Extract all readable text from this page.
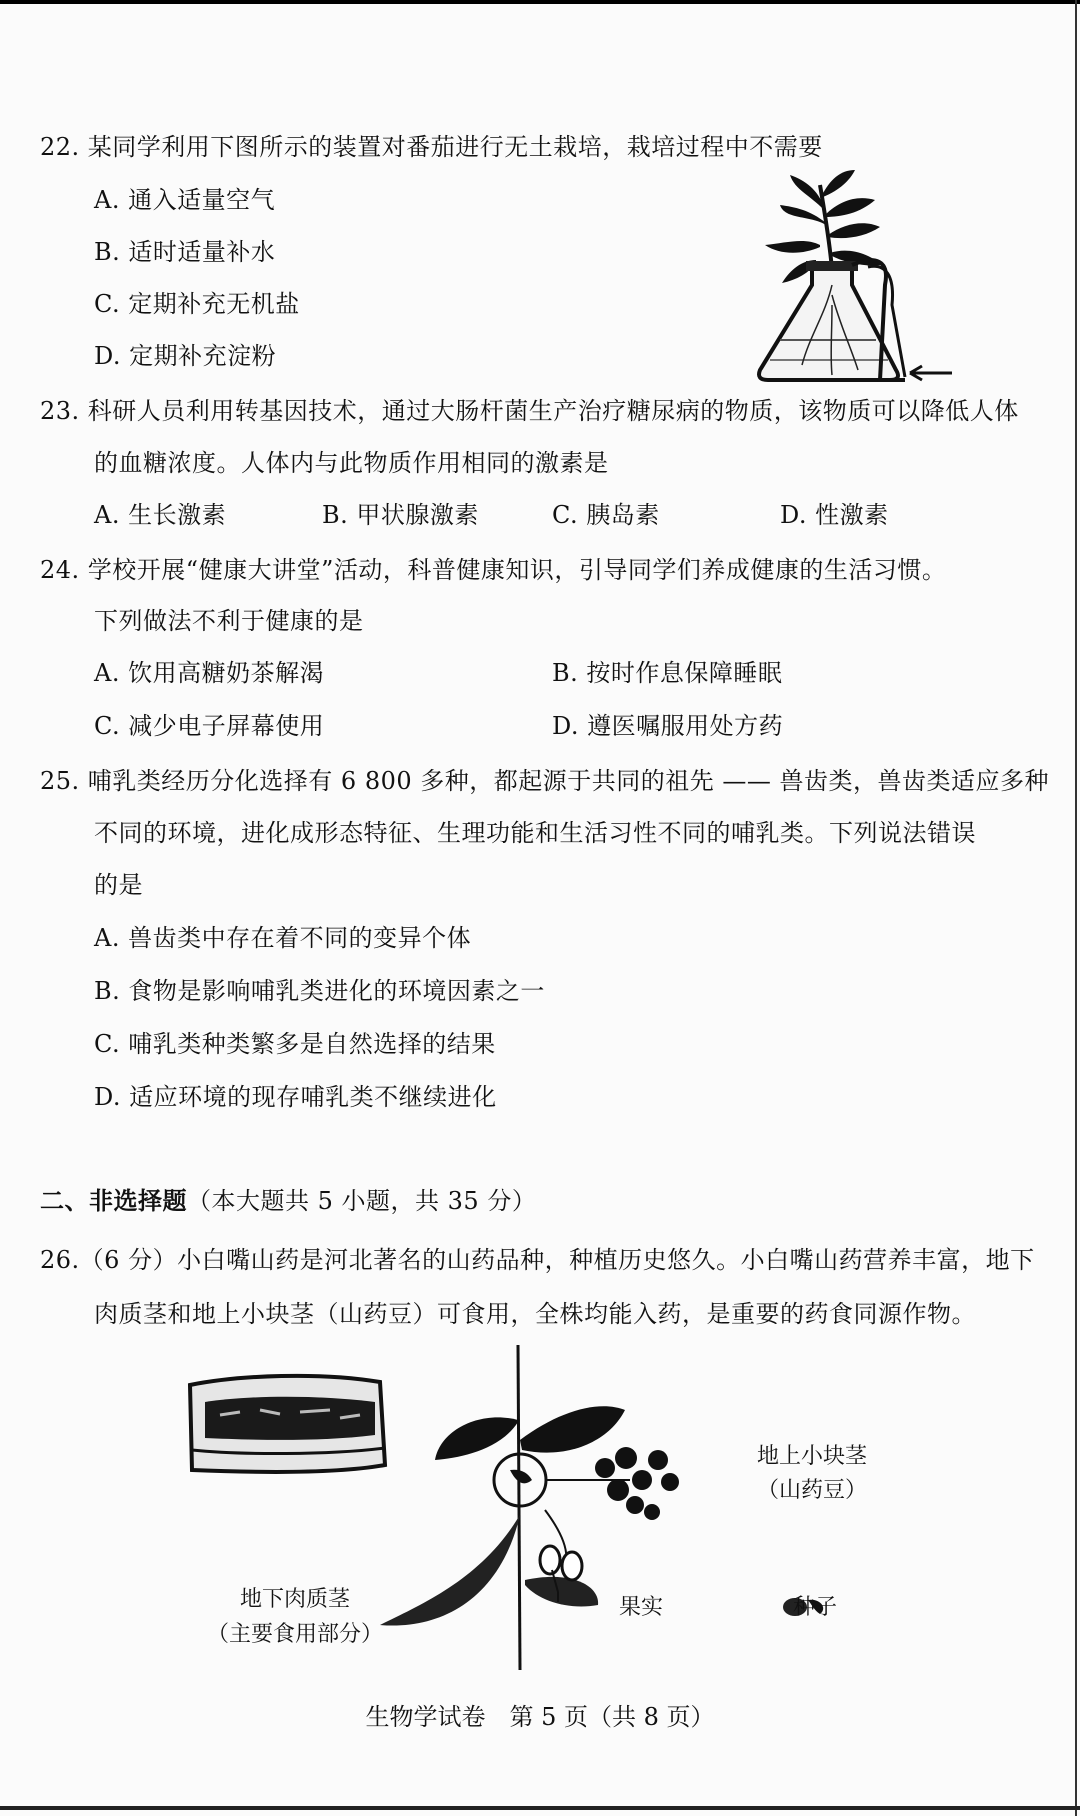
22. 某同学利用下图所示的装置对番茄进行无土栽培，栽培过程中不需要
A. 通入适量空气
B. 适时适量补水
C. 定期补充无机盐
D. 定期补充淀粉
23. 科研人员利用转基因技术，通过大肠杆菌生产治疗糖尿病的物质，该物质可以降低人体
的血糖浓度。人体内与此物质作用相同的激素是
A. 生长激素	B. 甲状腺激素	C. 胰岛素	D. 性激素
24. 学校开展“健康大讲堂”活动，科普健康知识，引导同学们养成健康的生活习惯。
下列做法不利于健康的是
A. 饮用高糖奶茶解渴	B. 按时作息保障睡眠
C. 减少电子屏幕使用	D. 遵医嘱服用处方药
25. 哺乳类经历分化选择有 6 800 多种，都起源于共同的祖先 —— 兽齿类，兽齿类适应多种
不同的环境，进化成形态特征、生理功能和生活习性不同的哺乳类。下列说法错误
的是
A. 兽齿类中存在着不同的变异个体
B. 食物是影响哺乳类进化的环境因素之一
C. 哺乳类种类繁多是自然选择的结果
D. 适应环境的现存哺乳类不继续进化
二、非选择题（本大题共 5 小题，共 35 分）
26.（6 分）小白嘴山药是河北著名的山药品种，种植历史悠久。小白嘴山药营养丰富，地下
肉质茎和地上小块茎（山药豆）可食用，全株均能入药，是重要的药食同源作物。
地下肉质茎
（主要食用部分）
地上小块茎
（山药豆）
果实	种子
生物学试卷　第 5 页（共 8 页）
